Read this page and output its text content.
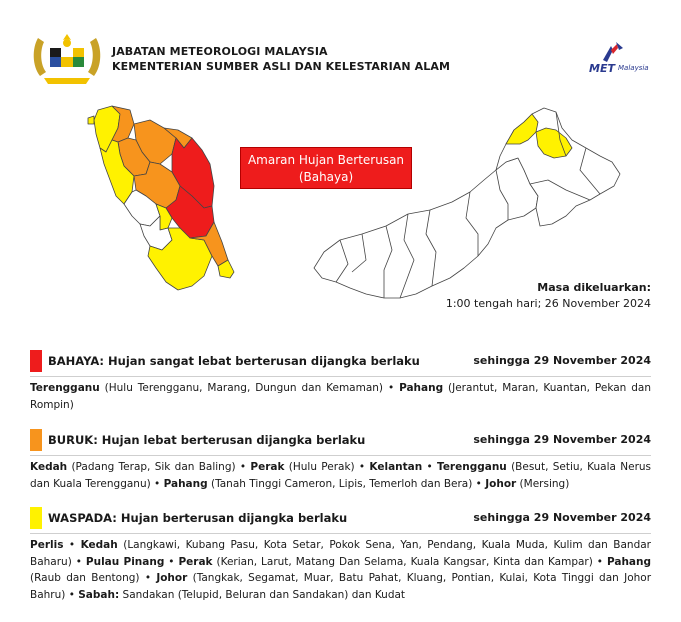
JABATAN METEOROLOGI MALAYSIA
KEMENTERIAN SUMBER ASLI DAN KELESTARIAN ALAM	MET Malaysia
Amaran Hujan Berterusan
(Bahaya)
Masa dikeluarkan:
1:00 tengah hari; 26 November 2024
BAHAYA: Hujan sangat lebat berterusan dijangka berlaku	sehingga 29 November 2024
Terengganu (Hulu Terengganu, Marang, Dungun dan Kemaman) • Pahang (Jerantut, Maran, Kuantan, Pekan dan Rompin)
BURUK: Hujan lebat berterusan dijangka berlaku	sehingga 29 November 2024
Kedah (Padang Terap, Sik dan Baling) • Perak (Hulu Perak) • Kelantan • Terengganu (Besut, Setiu, Kuala Nerus dan Kuala Terengganu) • Pahang (Tanah Tinggi Cameron, Lipis, Temerloh dan Bera) • Johor (Mersing)
WASPADA: Hujan berterusan dijangka berlaku	sehingga 29 November 2024
Perlis • Kedah (Langkawi, Kubang Pasu, Kota Setar, Pokok Sena, Yan, Pendang, Kuala Muda, Kulim dan Bandar Baharu) • Pulau Pinang • Perak (Kerian, Larut, Matang Dan Selama, Kuala Kangsar, Kinta dan Kampar) • Pahang (Raub dan Bentong) • Johor (Tangkak, Segamat, Muar, Batu Pahat, Kluang, Pontian, Kulai, Kota Tinggi dan Johor Bahru) • Sabah: Sandakan (Telupid, Beluran dan Sandakan) dan Kudat
